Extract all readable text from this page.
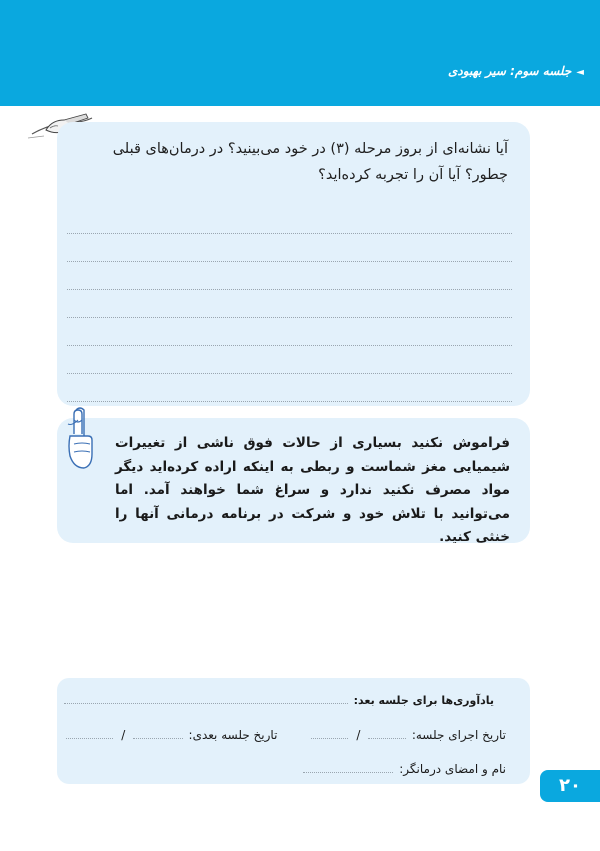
◄جلسه سوم: سیر بهبودی
آیا نشانه‌ای از بروز مرحله (۳) در خود می‌بینید؟ در درمان‌های قبلی چطور؟ آیا آن را تجربه کرده‌اید؟
فراموش نکنید بسیاری از حالات فوق ناشی از تغییرات شیمیایی مغز شماست و ربطی به اینکه اراده کرده‌اید دیگر مواد مصرف نکنید ندارد و سراغ شما خواهند آمد. اما می‌توانید با تلاش خود و شرکت در برنامه درمانی آنها را خنثی کنید.
یادآوری‌ها برای جلسه بعد:
تاریخ اجرای جلسه:
/
تاریخ جلسه بعدی:
/
نام و امضای درمانگر:
۲۰
